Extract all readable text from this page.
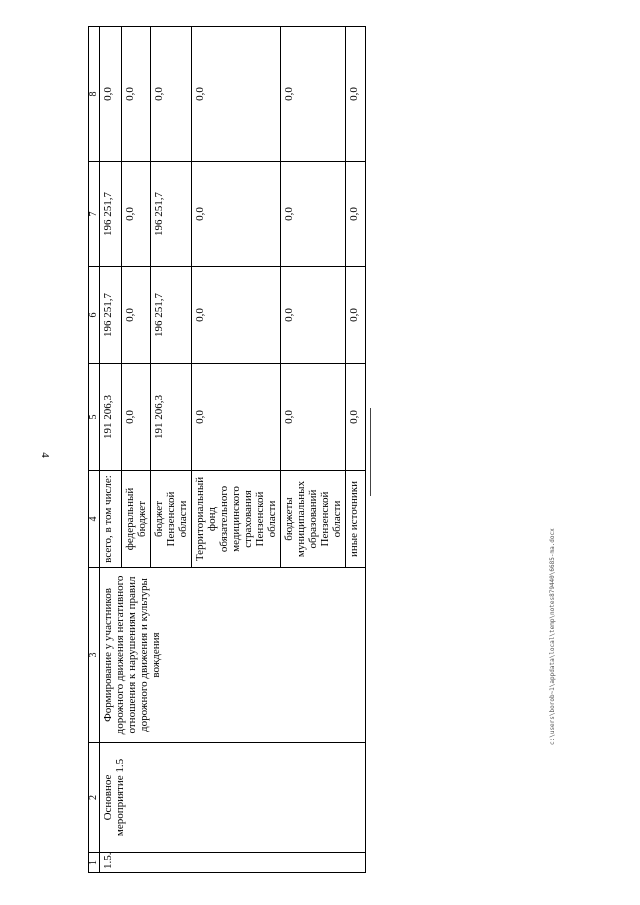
4
1	2	3	4	5	6	7	8
1.5.	Основное мероприятие 1.5	Формирование у участников дорожного движения негативного отношения к нарушениям правил дорожного движения и культуры вождения	всего, в том числе:	191 206,3	196 251,7	196 251,7	0,0
			федеральный бюджет	0,0	0,0	0,0	0,0
			бюджет Пензенской области	191 206,3	196 251,7	196 251,7	0,0
			Территориальный фонд обязательного медицинского страхования Пензенской области	0,0	0,0	0,0	0,0
			бюджеты муниципальных образований Пензенской области	0,0	0,0	0,0	0,0
			иные источники	0,0	0,0	0,0	0,0
c:\users\borob~1\appdata\local\temp\notes879440\6685-ma.docx
